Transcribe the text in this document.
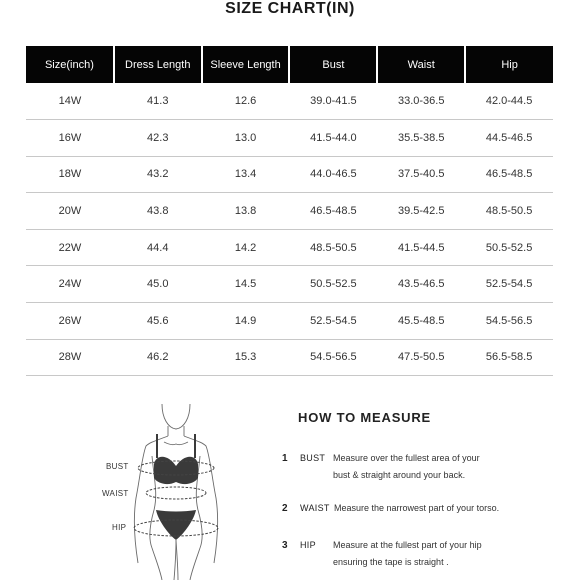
SIZE CHART(IN)
Size(inch)	Dress Length	Sleeve Length	Bust	Waist	Hip
14W	41.3	12.6	39.0-41.5	33.0-36.5	42.0-44.5
16W	42.3	13.0	41.5-44.0	35.5-38.5	44.5-46.5
18W	43.2	13.4	44.0-46.5	37.5-40.5	46.5-48.5
20W	43.8	13.8	46.5-48.5	39.5-42.5	48.5-50.5
22W	44.4	14.2	48.5-50.5	41.5-44.5	50.5-52.5
24W	45.0	14.5	50.5-52.5	43.5-46.5	52.5-54.5
26W	45.6	14.9	52.5-54.5	45.5-48.5	54.5-56.5
28W	46.2	15.3	54.5-56.5	47.5-50.5	56.5-58.5
BUST
WAIST
HIP
HOW TO MEASURE
1 BUST Measure over the fullest area of your
bust & straight around your back.
2 WAIST Measure the narrowest part of your torso.
3 HIP Measure at the fullest part of your hip
ensuring the tape is straight .
